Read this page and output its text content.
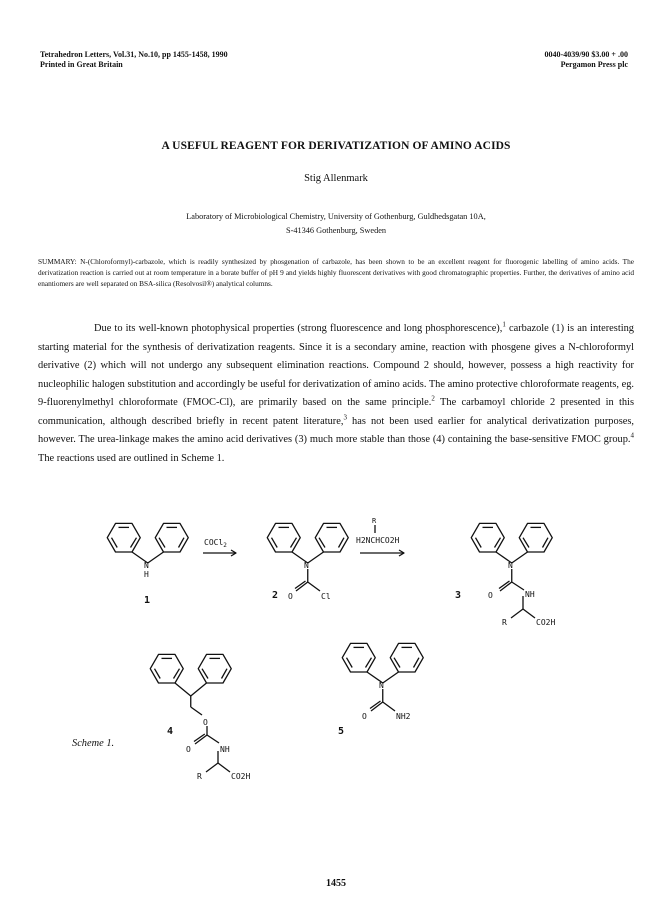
Tetrahedron Letters, Vol.31, No.10, pp 1455-1458, 1990
Printed in Great Britain
0040-4039/90 $3.00 + .00
Pergamon Press plc
A USEFUL REAGENT FOR DERIVATIZATION OF AMINO ACIDS
Stig Allenmark
Laboratory of Microbiological Chemistry, University of Gothenburg, Guldhedsgatan 10A,
S-41346 Gothenburg, Sweden
SUMMARY: N-(Chloroformyl)-carbazole, which is readily synthesized by phosgenation of carbazole, has been shown to be an excellent reagent for fluorogenic labelling of amino acids. The derivatization reaction is carried out at room temperature in a borate buffer of pH 9 and yields highly fluorescent derivatives with good chromatographic properties. Further, the derivatives of amino acid enantiomers are well separated on BSA-silica (Resolvosil®) analytical columns.

Due to its well-known photophysical properties (strong fluorescence and long phosphorescence),$^1$ carbazole (1) is an interesting starting material for the synthesis of derivatization reagents. Since it is a secondary amine, reaction with phosgene gives a N-chloroformyl derivative (2) which will not undergo any subsequent elimination reactions. Compound 2 should, however, possess a high reactivity for nucleophilic halogen substitution and accordingly be useful for derivatization of amino acids. The amino protective chloroformate reagents, eg. 9-fluorenylmethyl chloroformate (FMOC-Cl), are primarily based on the same principle.$^2$ The carbamoyl chloride 2 presented in this communication, although described briefly in recent patent literature,$^3$ has not been used earlier for analytical derivatization purposes, however. The urea-linkage makes the amino acid derivatives (3) much more stable than those (4) containing the base-sensitive FMOC group.$^4$ The reactions used are outlined in Scheme 1.

N
H
1
COCl$_2$
N
O	Cl
2
R
H2NCHCO2H
N
O	NH
R	CO2H
3
O
O	NH
R	CO2H
4
N
O	NH2
5
Scheme 1.
1455
